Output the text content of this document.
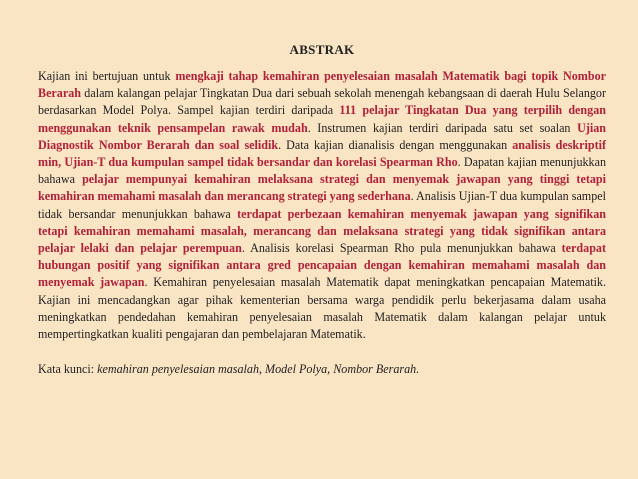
ABSTRAK

Kajian ini bertujuan untuk mengkaji tahap kemahiran penyelesaian masalah Matematik bagi topik Nombor Berarah dalam kalangan pelajar Tingkatan Dua dari sebuah sekolah menengah kebangsaan di daerah Hulu Selangor berdasarkan Model Polya. Sampel kajian terdiri daripada 111 pelajar Tingkatan Dua yang terpilih dengan menggunakan teknik pensampelan rawak mudah. Instrumen kajian terdiri daripada satu set soalan Ujian Diagnostik Nombor Berarah dan soal selidik. Data kajian dianalisis dengan menggunakan analisis deskriptif min, Ujian-T dua kumpulan sampel tidak bersandar dan korelasi Spearman Rho. Dapatan kajian menunjukkan bahawa pelajar mempunyai kemahiran melaksana strategi dan menyemak jawapan yang tinggi tetapi kemahiran memahami masalah dan merancang strategi yang sederhana. Analisis Ujian-T dua kumpulan sampel tidak bersandar menunjukkan bahawa terdapat perbezaan kemahiran menyemak jawapan yang signifikan tetapi kemahiran memahami masalah, merancang dan melaksana strategi yang tidak signifikan antara pelajar lelaki dan pelajar perempuan. Analisis korelasi Spearman Rho pula menunjukkan bahawa terdapat hubungan positif yang signifikan antara gred pencapaian dengan kemahiran memahami masalah dan menyemak jawapan. Kemahiran penyelesaian masalah Matematik dapat meningkatkan pencapaian Matematik. Kajian ini mencadangkan agar pihak kementerian bersama warga pendidik perlu bekerjasama dalam usaha meningkatkan pendedahan kemahiran penyelesaian masalah Matematik dalam kalangan pelajar untuk mempertingkatkan kualiti pengajaran dan pembelajaran Matematik.

Kata kunci: kemahiran penyelesaian masalah, Model Polya, Nombor Berarah.
